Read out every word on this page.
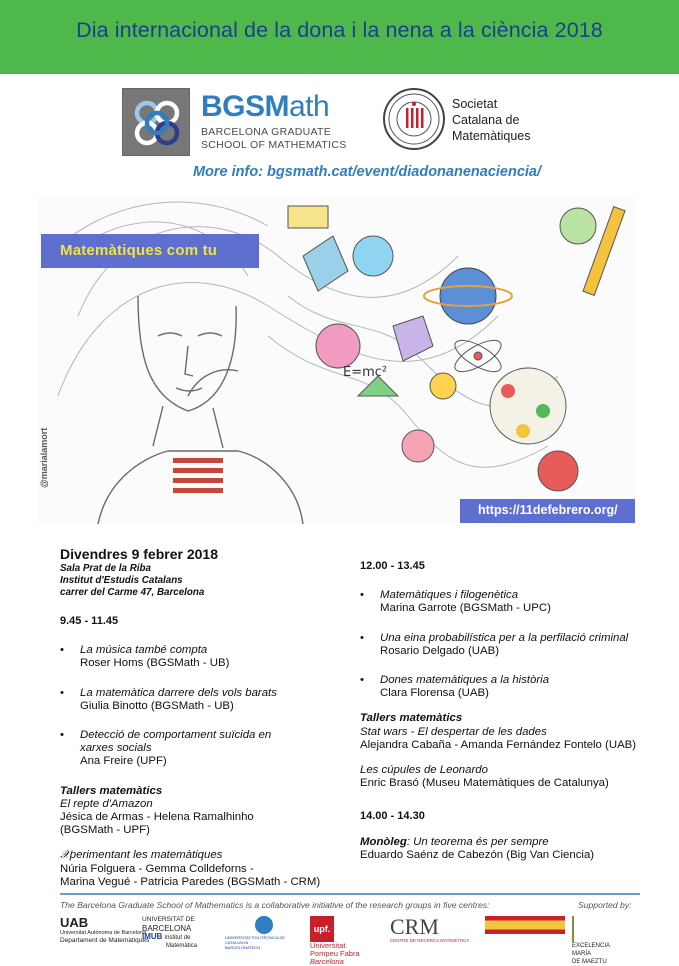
Dia internacional de la dona i la nena a la ciència 2018
BGSMath
BARCELONA GRADUATE
SCHOOL OF MATHEMATICS
Societat
Catalana de
Matemàtiques
More info: bgsmath.cat/event/diadonanenaciencia/
E=mc²
Matemàtiques com tu
@marialamort
https://11defebrero.org/
Divendres 9 febrer 2018
Sala Prat de la Riba
Institut d'Estudis Catalans
carrer del Carme 47, Barcelona
9.45 - 11.45
• La música també compta
Roser Homs (BGSMath - UB)
• La matemàtica darrere dels vols barats
Giulia Binotto (BGSMath - UB)
• Detecció de comportament suïcida en
xarxes socials
Ana Freire (UPF)
Tallers matemàtics
El repte d'Amazon
Jésica de Armas - Helena Ramalhinho
(BGSMath - UPF)
𝒳perimentant les matemàtiques
Núria Folguera - Gemma Colldeforns -
Marina Vegué - Patricia Paredes (BGSMath - CRM)
12.00 - 13.45
• Matemàtiques i filogenètica
Marina Garrote (BGSMath - UPC)
• Una eina probabilística per a la perfilació criminal
Rosario Delgado (UAB)
• Dones matemàtiques a la història
Clara Florensa (UAB)
Tallers matemàtics
Stat wars - El despertar de les dades
Alejandra Cabaña - Amanda Fernández Fontelo (UAB)
Les cúpules de Leonardo
Enric Brasó (Museu Matemàtiques de Catalunya)
14.00 - 14.30
Monòleg: Un teorema és per sempre
Eduardo Saénz de Cabezón (Big Van Ciencia)
The Barcelona Graduate School of Mathematics is a collaborative initiative of the research groups in five centres:	Supported by:
UAB
Universitat Autònoma de Barcelona
Departament de Matemàtiques
UNIVERSITAT DE
BARCELONA
IMUB Institut de
Matemàtica
UNIVERSITAT POLITÈCNICA DE CATALUNYA
BARCELONATECH
upf.
Universitat
Pompeu Fabra
Barcelona
CRM
CENTRE DE RECERCA MATEMÀTICA
EXCELENCIA
MARÍA
DE MAEZTU
